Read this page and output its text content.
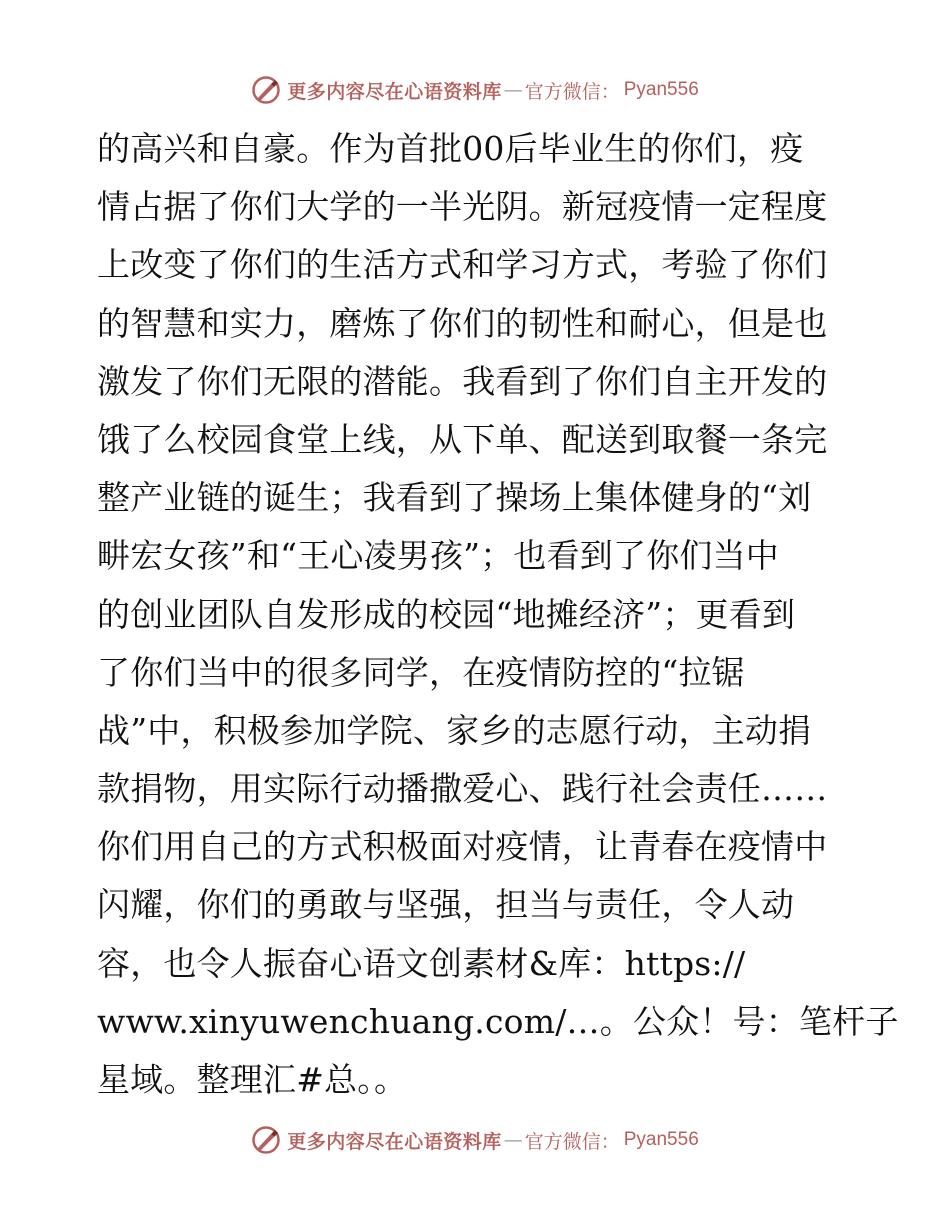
更多内容尽在心语资料库 — 官方微信： Pyan556
的高兴和自豪。作为首批00后毕业生的你们，疫
情占据了你们大学的一半光阴。新冠疫情一定程度
上改变了你们的生活方式和学习方式，考验了你们
的智慧和实力，磨炼了你们的韧性和耐心，但是也
激发了你们无限的潜能。我看到了你们自主开发的
饿了么校园食堂上线，从下单、配送到取餐一条完
整产业链的诞生；我看到了操场上集体健身的“刘
畊宏女孩”和“王心凌男孩”；也看到了你们当中
的创业团队自发形成的校园“地摊经济”；更看到
了你们当中的很多同学，在疫情防控的“拉锯
战”中，积极参加学院、家乡的志愿行动，主动捐
款捐物，用实际行动播撒爱心、践行社会责任……
你们用自己的方式积极面对疫情，让青春在疫情中
闪耀，你们的勇敢与坚强，担当与责任，令人动
容，也令人振奋心语文创素材&库：https://
www.xinyuwenchuang.com/…。公众！号：笔杆子
星域。整理汇#总。。
更多内容尽在心语资料库 — 官方微信： Pyan556
